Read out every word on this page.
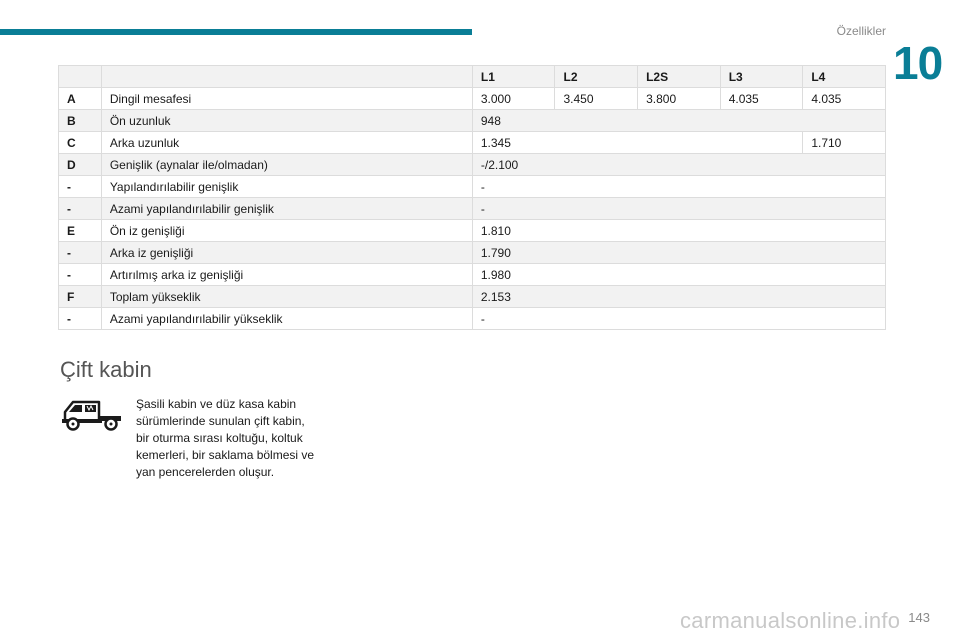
Özellikler
10
		L1	L2	L2S	L3	L4
A	Dingil mesafesi	3.000	3.450	3.800	4.035	4.035
B	Ön uzunluk	948				
C	Arka uzunluk	1.345				1.710
D	Genişlik (aynalar ile/olmadan)	-/2.100				
-	Yapılandırılabilir genişlik	-				
-	Azami yapılandırılabilir genişlik	-				
E	Ön iz genişliği	1.810				
-	Arka iz genişliği	1.790				
-	Artırılmış arka iz genişliği	1.980				
F	Toplam yükseklik	2.153				
-	Azami yapılandırılabilir yükseklik	-				
Çift kabin
Şasili kabin ve düz kasa kabin sürümlerinde sunulan çift kabin, bir oturma sırası koltuğu, koltuk kemerleri, bir saklama bölmesi ve yan pencerelerden oluşur.
carmanualsonline.info 143
